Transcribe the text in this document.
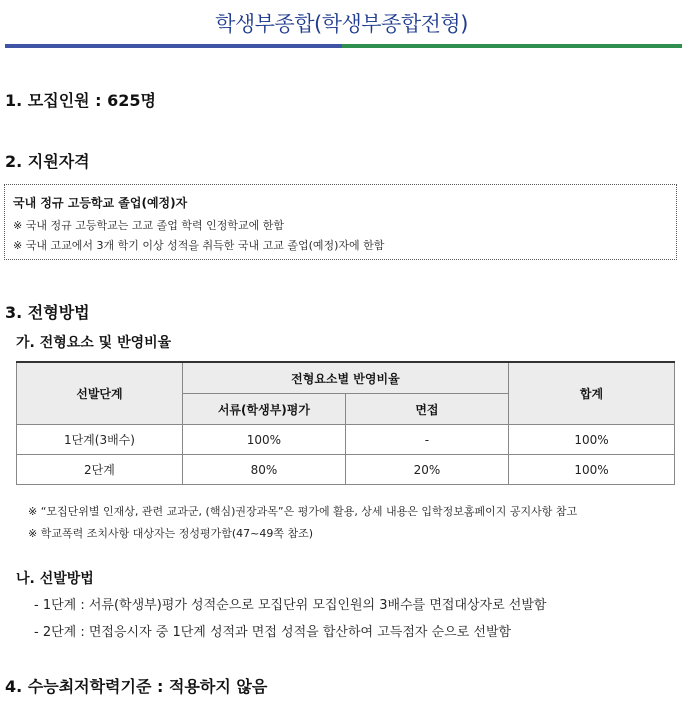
학생부종합(학생부종합전형)
1. 모집인원 : 625명
2. 지원자격
국내 정규 고등학교 졸업(예정)자
※ 국내 정규 고등학교는 고교 졸업 학력 인정학교에 한함
※ 국내 고교에서 3개 학기 이상 성적을 취득한 국내 고교 졸업(예정)자에 한함
3. 전형방법
가. 전형요소 및 반영비율
선발단계	전형요소별 반영비율		합계
	서류(학생부)평가	면접	
1단계(3배수)	100%	-	100%
2단계	80%	20%	100%
※ “모집단위별 인재상, 관련 교과군, (핵심)권장과목”은 평가에 활용, 상세 내용은 입학정보홈페이지 공지사항 참고
※ 학교폭력 조치사항 대상자는 정성평가함(47~49쪽 참조)
나. 선발방법
- 1단계 : 서류(학생부)평가 성적순으로 모집단위 모집인원의 3배수를 면접대상자로 선발함
- 2단계 : 면접응시자 중 1단계 성적과 면접 성적을 합산하여 고득점자 순으로 선발함
4. 수능최저학력기준 : 적용하지 않음
